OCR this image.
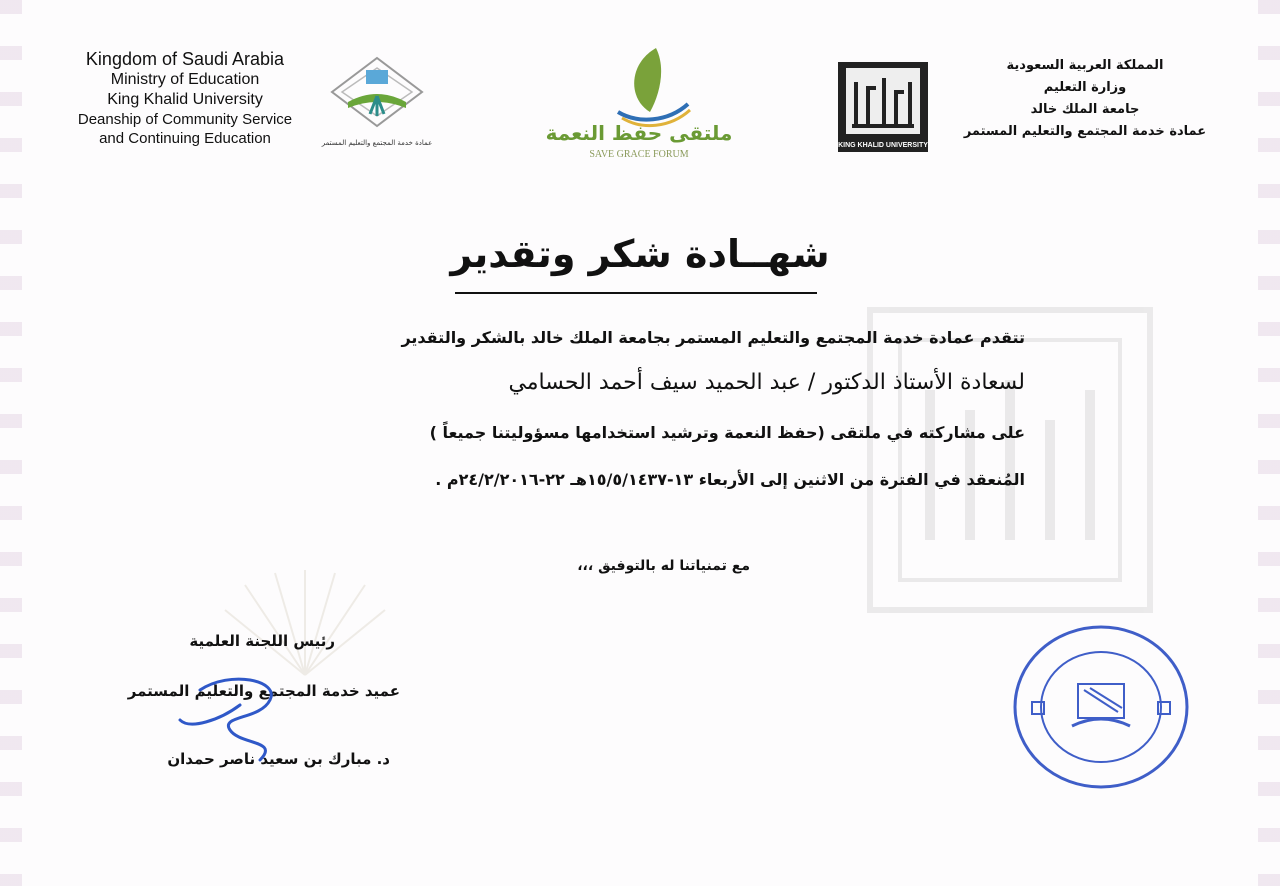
Kingdom of Saudi Arabia
Ministry of Education
King Khalid University
Deanship of Community Service
and Continuing Education
المملكة العربية السعودية
وزارة التعليم
جامعة الملك خالد
عمادة خدمة المجتمع والتعليم المستمر
عمادة خدمة المجتمع والتعليم المستمر	ملتقى حفظ النعمة
SAVE GRACE FORUM
KING KHALID UNIVERSITY
شهــادة شكر وتقدير
تتقدم عمادة خدمة المجتمع والتعليم المستمر بجامعة الملك خالد بالشكر والتقدير
لسعادة الأستاذ الدكتور / عبد الحميد سيف أحمد الحسامي
على مشاركته في ملتقى (حفظ النعمة وترشيد استخدامها مسؤوليتنا جميعاً )
المُنعقد في الفترة من الاثنين إلى الأربعاء ١٣-١٥/٥/١٤٣٧هـ ٢٢-٢٤/٢/٢٠١٦م .
مع تمنياتنا له بالتوفيق ،،،
رئيس اللجنة العلمية
عميد خدمة المجتمع والتعليم المستمر
د. مبارك بن سعيد ناصر حمدان
